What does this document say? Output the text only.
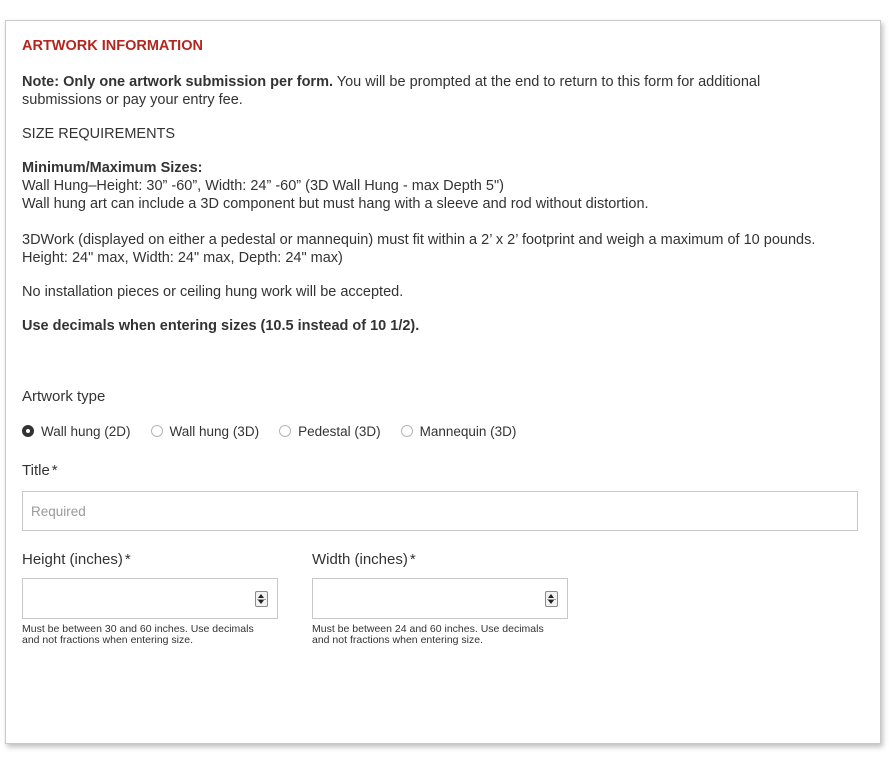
ARTWORK INFORMATION
Note: Only one artwork submission per form. You will be prompted at the end to return to this form for additional
submissions or pay your entry fee.
SIZE REQUIREMENTS
Minimum/Maximum Sizes:
Wall Hung–Height: 30” -60”, Width: 24” -60” (3D Wall Hung - max Depth 5")
Wall hung art can include a 3D component but must hang with a sleeve and rod without distortion.
3DWork (displayed on either a pedestal or mannequin) must fit within a 2’ x 2’ footprint and weigh a maximum of 10 pounds.
Height: 24" max, Width: 24" max, Depth: 24" max)
No installation pieces or ceiling hung work will be accepted.
Use decimals when entering sizes (10.5 instead of 10 1/2).
Artwork type
Wall hung (2D)	Wall hung (3D)	Pedestal (3D)	Mannequin (3D)
Title *
Required
Height (inches) *
Must be between 30 and 60 inches. Use decimals
and not fractions when entering size.
Width (inches) *
Must be between 24 and 60 inches. Use decimals
and not fractions when entering size.
